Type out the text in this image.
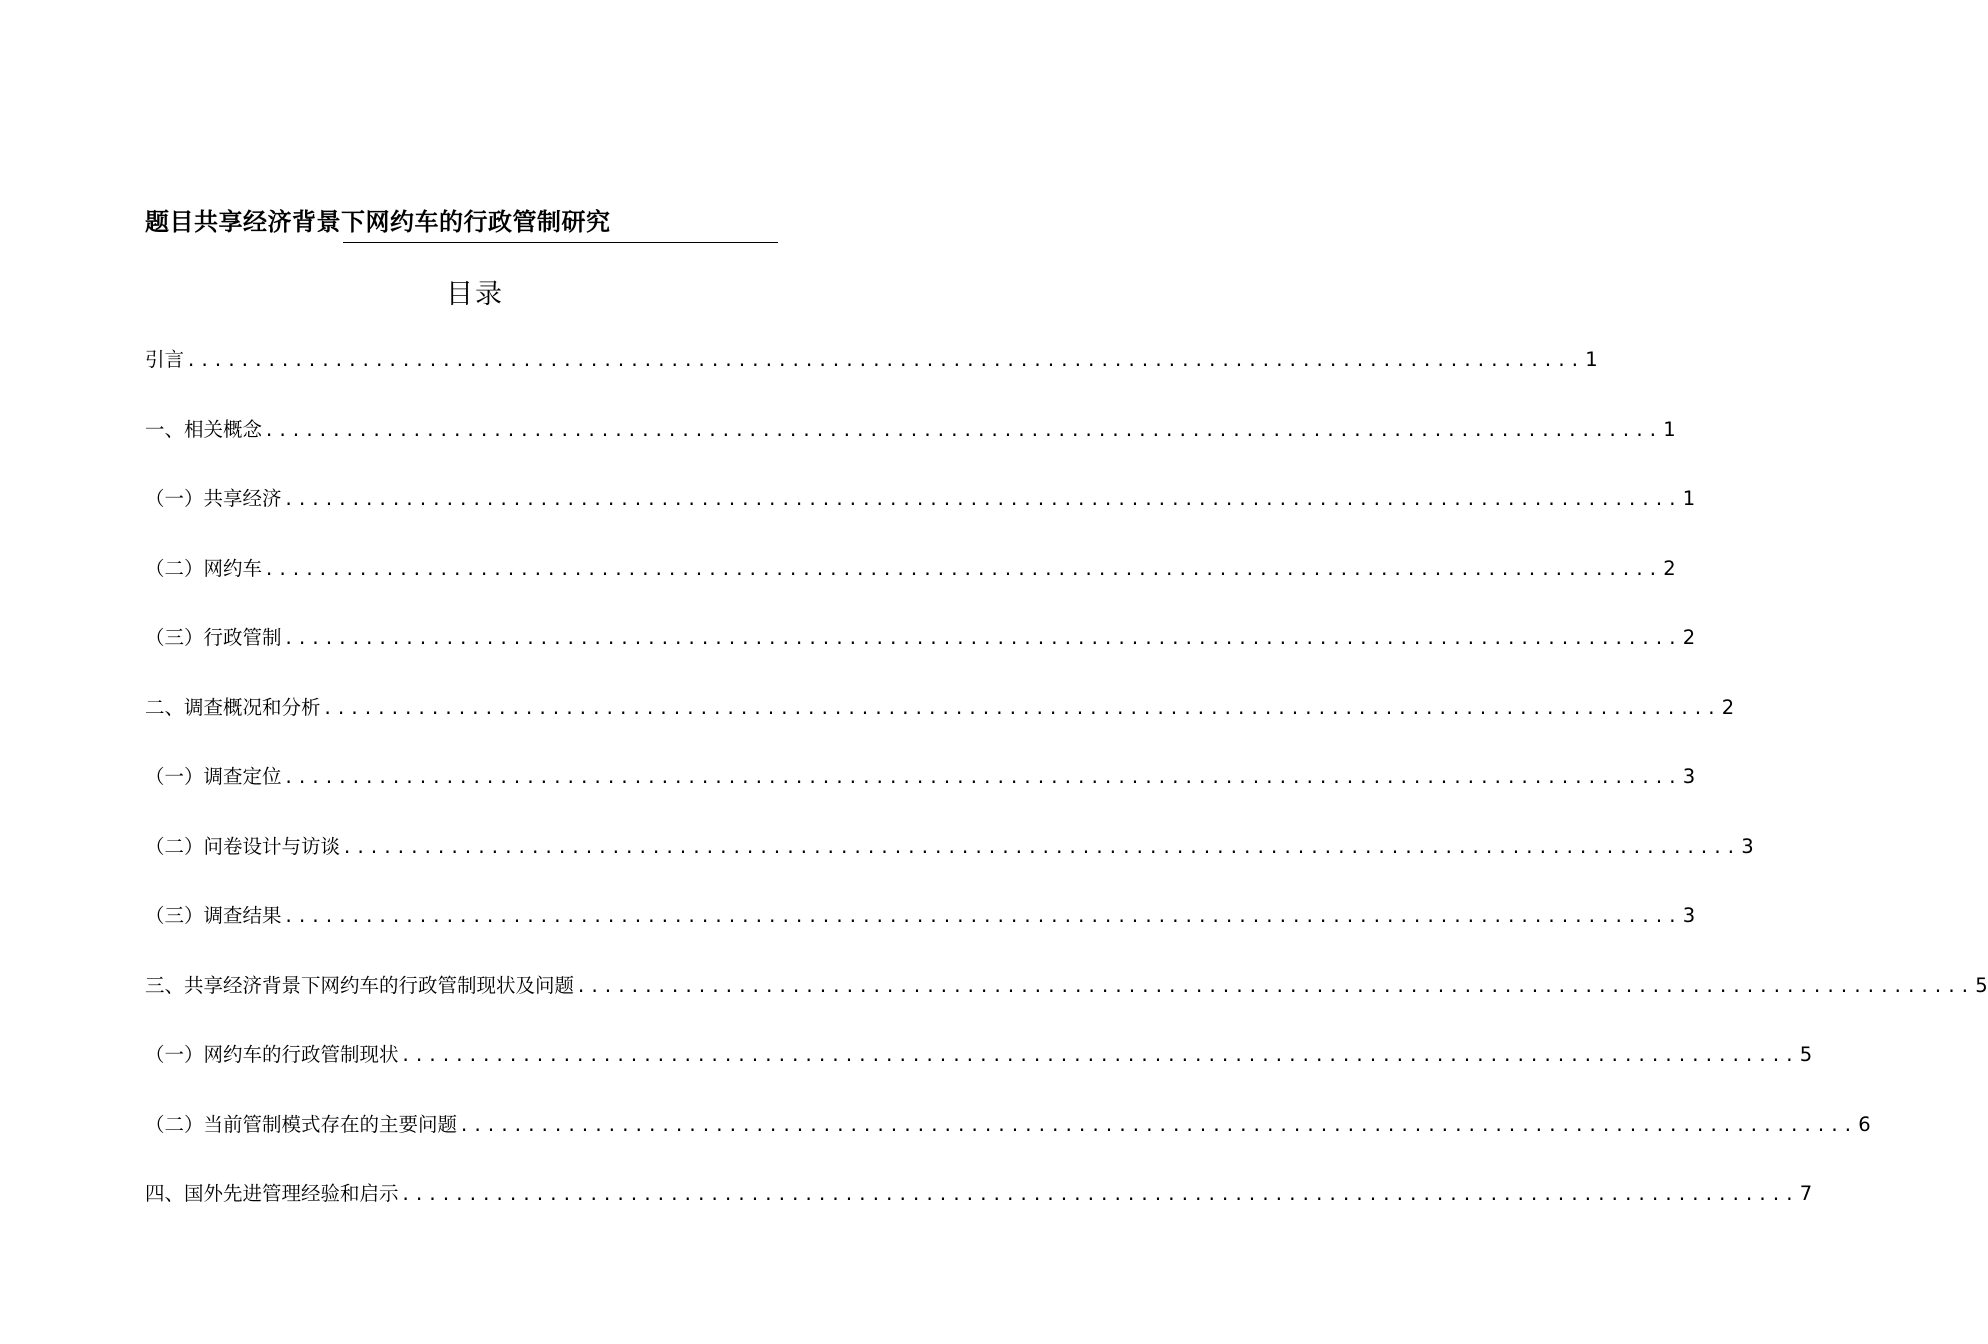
题目共享经济背景下网约车的行政管制研究
目录
引言 ........................................................................................................ 1
一、相关概念 ........................................................................................................ 1
（一）共享经济 ........................................................................................................ 1
（二）网约车 ........................................................................................................ 2
（三）行政管制 ........................................................................................................ 2
二、调查概况和分析 ........................................................................................................ 2
（一）调查定位 ........................................................................................................ 3
（二）问卷设计与访谈 ........................................................................................................ 3
（三）调查结果 ........................................................................................................ 3
三、共享经济背景下网约车的行政管制现状及问题 ........................................................................................................ 5
（一）网约车的行政管制现状 ........................................................................................................ 5
（二）当前管制模式存在的主要问题 ........................................................................................................ 6
四、国外先进管理经验和启示 ........................................................................................................ 7
